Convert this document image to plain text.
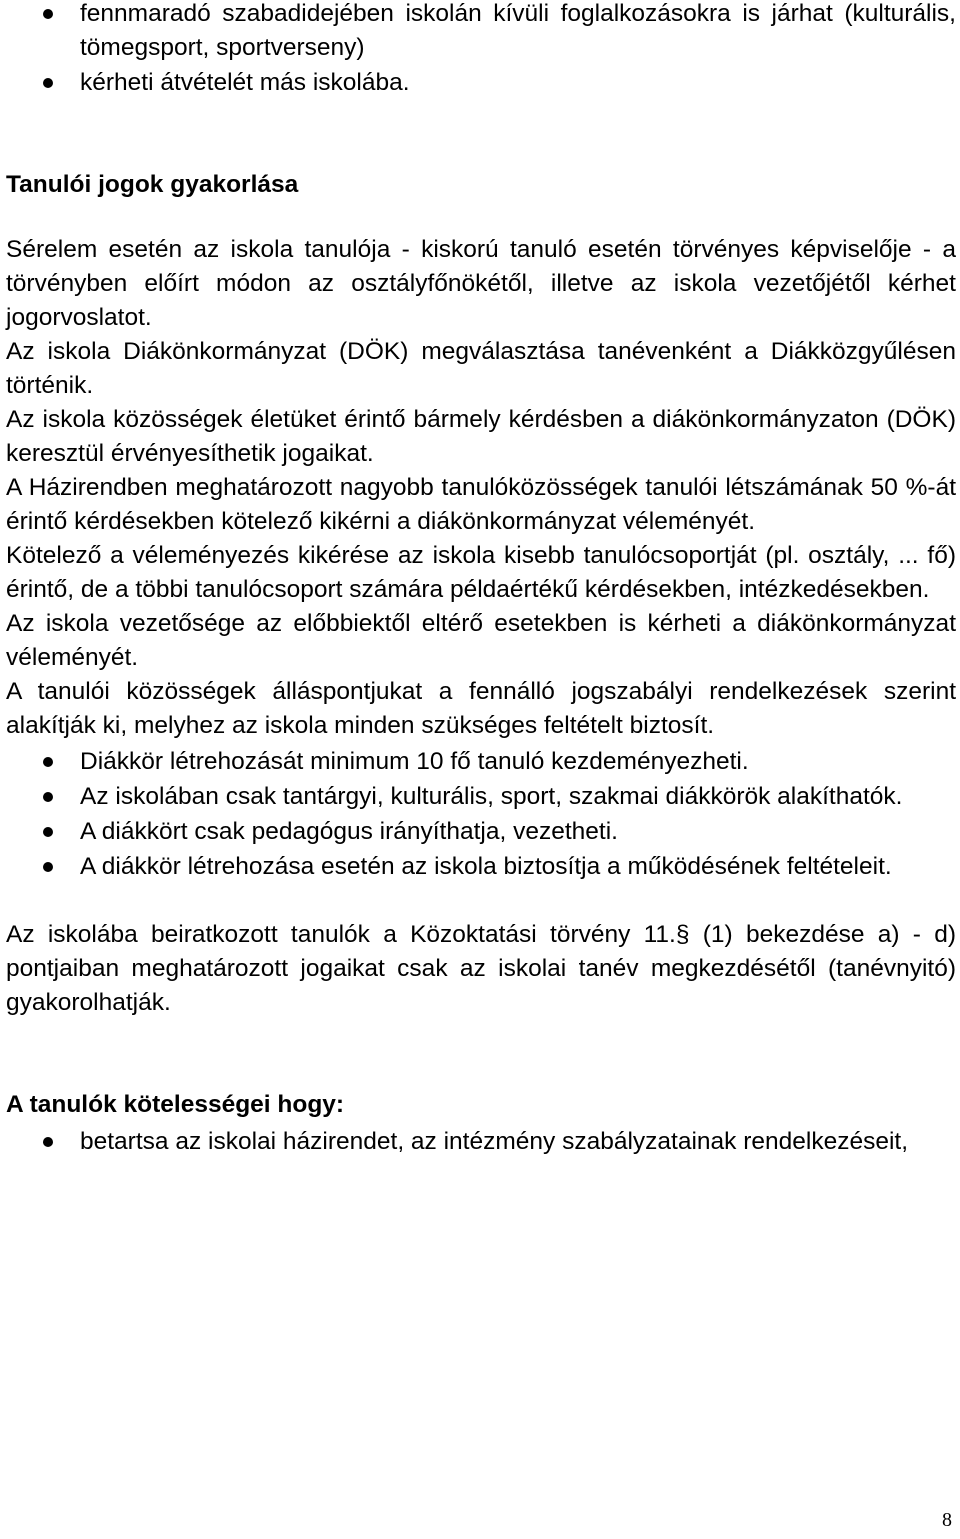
fennmaradó szabadidejében iskolán kívüli foglalkozásokra is járhat (kulturális, tömegsport, sportverseny)
kérheti átvételét más iskolába.

Tanulói jogok gyakorlása

Sérelem esetén az iskola tanulója - kiskorú tanuló esetén törvényes képviselője - a törvényben előírt módon az osztályfőnökétől, illetve az iskola vezetőjétől kérhet jogorvoslatot.

Az iskola Diákönkormányzat (DÖK) megválasztása tanévenként a Diákközgyűlésen történik.

Az iskola közösségek életüket érintő bármely kérdésben a diákönkormányzaton (DÖK) keresztül érvényesíthetik jogaikat.

A Házirendben meghatározott nagyobb tanulóközösségek tanulói létszámának 50 %-át érintő kérdésekben kötelező kikérni a diákönkormányzat véleményét.

Kötelező a véleményezés kikérése az iskola kisebb tanulócsoportját (pl. osztály, ... fő) érintő, de a többi tanulócsoport számára példaértékű kérdésekben, intézkedésekben.

Az iskola vezetősége az előbbiektől eltérő esetekben is kérheti a diákönkormányzat véleményét.

A tanulói közösségek álláspontjukat a fennálló jogszabályi rendelkezések szerint alakítják ki, melyhez az iskola minden szükséges feltételt biztosít.

Diákkör létrehozását minimum 10 fő tanuló kezdeményezheti.
Az iskolában csak tantárgyi, kulturális, sport, szakmai diákkörök alakíthatók.
A diákkört csak pedagógus irányíthatja, vezetheti.
A diákkör létrehozása esetén az iskola biztosítja a működésének feltételeit.

Az iskolába beiratkozott tanulók a Közoktatási törvény 11.§ (1) bekezdése a) - d) pontjaiban meghatározott jogaikat csak az iskolai tanév megkezdésétől (tanévnyitó) gyakorolhatják.

A tanulók kötelességei hogy:

betartsa az iskolai házirendet, az intézmény szabályzatainak rendelkezéseit,
8
